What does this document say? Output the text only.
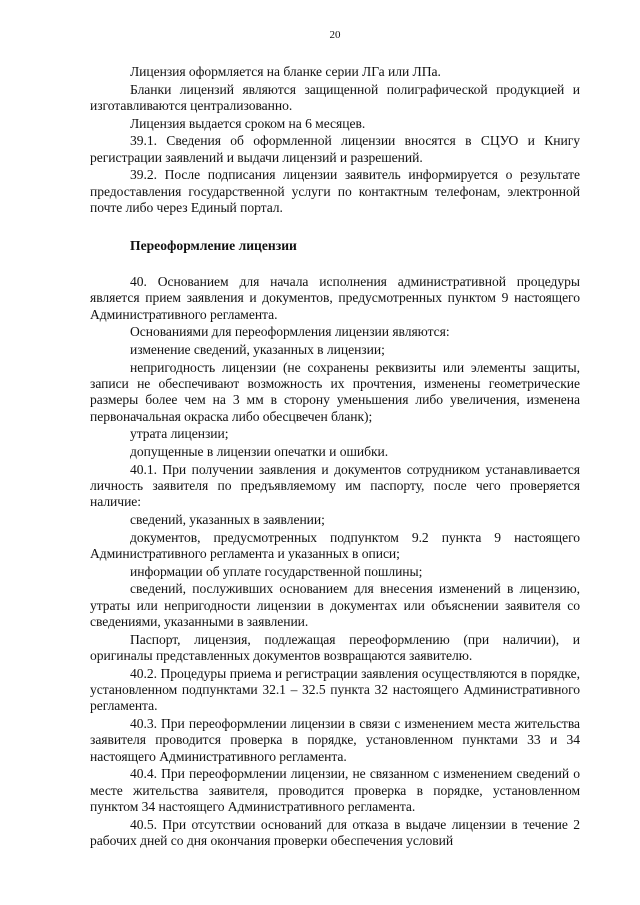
20

Лицензия оформляется на бланке серии ЛГа или ЛПа.

Бланки лицензий являются защищенной полиграфической продукцией и изготавливаются централизованно.

Лицензия выдается сроком на 6 месяцев.

39.1. Сведения об оформленной лицензии вносятся в СЦУО и Книгу регистрации заявлений и выдачи лицензий и разрешений.

39.2. После подписания лицензии заявитель информируется о результате предоставления государственной услуги по контактным телефонам, электронной почте либо через Единый портал.

Переоформление лицензии

40. Основанием для начала исполнения административной процедуры является прием заявления и документов, предусмотренных пунктом 9 настоящего Административного регламента.

Основаниями для переоформления лицензии являются:

изменение сведений, указанных в лицензии;

непригодность лицензии (не сохранены реквизиты или элементы защиты, записи не обеспечивают возможность их прочтения, изменены геометрические размеры более чем на 3 мм в сторону уменьшения либо увеличения, изменена первоначальная окраска либо обесцвечен бланк);

утрата лицензии;

допущенные в лицензии опечатки и ошибки.

40.1. При получении заявления и документов сотрудником устанавливается личность заявителя по предъявляемому им паспорту, после чего проверяется наличие:

сведений, указанных в заявлении;

документов, предусмотренных подпунктом 9.2 пункта 9 настоящего Административного регламента и указанных в описи;

информации об уплате государственной пошлины;

сведений, послуживших основанием для внесения изменений в лицензию, утраты или непригодности лицензии в документах или объяснении заявителя со сведениями, указанными в заявлении.

Паспорт, лицензия, подлежащая переоформлению (при наличии), и оригиналы представленных документов возвращаются заявителю.

40.2. Процедуры приема и регистрации заявления осуществляются в порядке, установленном подпунктами 32.1 – 32.5 пункта 32 настоящего Административного регламента.

40.3. При переоформлении лицензии в связи с изменением места жительства заявителя проводится проверка в порядке, установленном пунктами 33 и 34 настоящего Административного регламента.

40.4. При переоформлении лицензии, не связанном с изменением сведений о месте жительства заявителя, проводится проверка в порядке, установленном пунктом 34 настоящего Административного регламента.

40.5. При отсутствии оснований для отказа в выдаче лицензии в течение 2 рабочих дней со дня окончания проверки обеспечения условий
